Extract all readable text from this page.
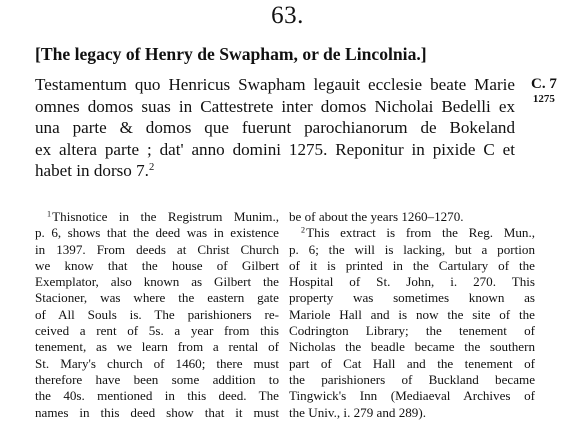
63.
[The legacy of Henry de Swapham, or de Lincolnia.]
Testamentum quo Henricus Swapham legauit ecclesie beate Marie
omnes domos suas in Cattestrete inter domos Nicholai Bedelli ex
una parte & domos que fuerunt parochianorum de Bokeland
ex altera parte ; dat' anno domini 1275. Reponitur in pixide C et
habet in dorso 7.$^2$
C. 7
1275
$^1$ Thisnotice in the Registrum Munim.,
p. 6, shows that the deed was in existence
in 1397. From deeds at Christ Church
we know that the house of Gilbert
Exemplator, also known as Gilbert the
Stacioner, was where the eastern gate
of All Souls is. The parishioners re-
ceived a rent of 5s. a year from this
tenement, as we learn from a rental of
St. Mary's church of 1460; there must
therefore have been some addition to
the 40s. mentioned in this deed. The
names in this deed show that it must
be of about the years 1260–1270.
$^2$ This extract is from the Reg. Mun.,
p. 6; the will is lacking, but a portion
of it is printed in the Cartulary of the
Hospital of St. John, i. 270. This
property was sometimes known as
Mariole Hall and is now the site of the
Codrington Library; the tenement of
Nicholas the beadle became the southern
part of Cat Hall and the tenement of
the parishioners of Buckland became
Tingwick's Inn (Mediaeval Archives of
the Univ., i. 279 and 289).
